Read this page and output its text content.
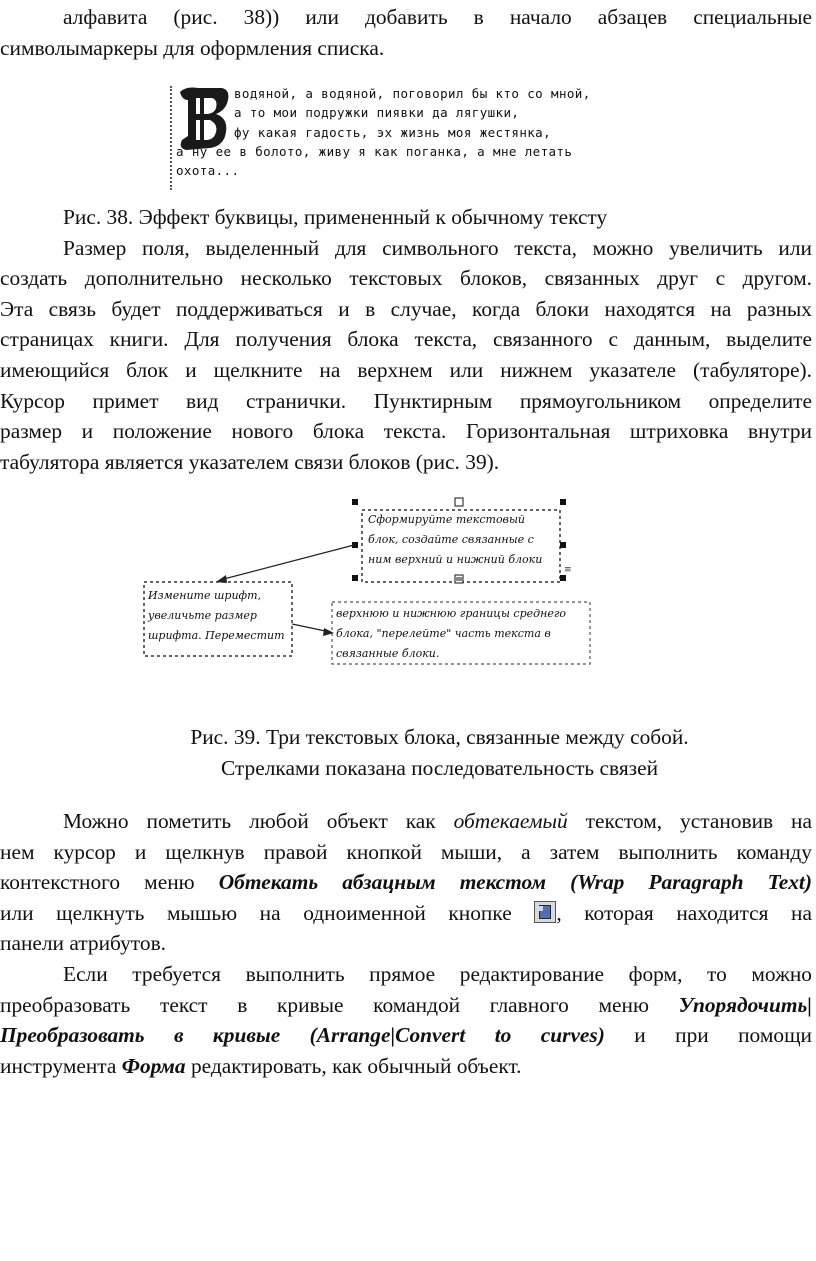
алфавита (рис. 38)) или добавить в начало абзацев специальные
символымаркеры для оформления списка.
водяной, а водяной, поговорил бы кто со мной,
а то мои подружки пиявки да лягушки,
фу какая гадость, эх жизнь моя жестянка,
а ну ее в болото, живу я как поганка, а мне летать
охота...
Рис. 38. Эффект буквицы, примененный к обычному тексту
Размер поля, выделенный для символьного текста, можно увеличить или
создать дополнительно несколько текстовых блоков, связанных друг с другом.
Эта связь будет поддерживаться и в случае, когда блоки находятся на разных
страницах книги. Для получения блока текста, связанного с данным, выделите
имеющийся блок и щелкните на верхнем или нижнем указателе (табуляторе).
Курсор примет вид странички. Пунктирным прямоугольником определите
размер и положение нового блока текста. Горизонтальная штриховка внутри
табулятора является указателем связи блоков (рис. 39).
≡
Сформируйте текстовый
блок, создайте связанные с
ним верхний и нижний блоки
Измените шрифт,
увеличьте размер
шрифта. Переместит
верхнюю и нижнюю границы среднего
блока, "перелейте" часть текста в
связанные блоки.
Рис. 39. Три текстовых блока, связанные между собой.
Стрелками показана последовательность связей
Можно пометить любой объект как обтекаемый текстом, установив на
нем курсор и щелкнув правой кнопкой мыши, а затем выполнить команду
контекстного меню Обтекать абзацным текстом (Wrap Paragraph Text)
или щелкнуть мышью на одноименной кнопке
, которая находится на
панели атрибутов.
Если требуется выполнить прямое редактирование форм, то можно
преобразовать текст в кривые командой главного меню Упорядочить|
Преобразовать в кривые (Arrange|Convert to curves) и при помощи
инструмента Форма редактировать, как обычный объект.
